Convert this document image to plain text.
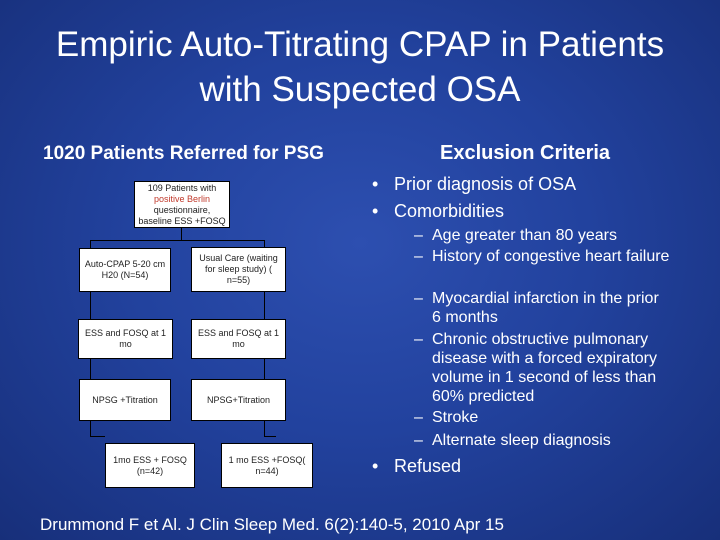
Empiric Auto-Titrating CPAP in Patients
with Suspected OSA
1020 Patients Referred for PSG
109 Patients with
positive Berlin
questionnaire,
baseline ESS +FOSQ
Auto-CPAP 5-20 cm H20 (N=54)
Usual Care (waiting for sleep study) ( n=55)
ESS and FOSQ at 1 mo
ESS and FOSQ at 1 mo
NPSG +Titration	NPSG+Titration
1mo ESS + FOSQ (n=42)
1 mo ESS +FOSQ( n=44)
Exclusion Criteria
• Prior diagnosis of OSA
• Comorbidities
– Age greater than 80 years
– History of congestive heart failure
– Myocardial infarction in the prior 6 months
– Chronic obstructive pulmonary disease with a forced expiratory volume in 1 second of less than 60% predicted
– Stroke
– Alternate sleep diagnosis
• Refused
Drummond F et Al. J Clin Sleep Med. 6(2):140-5, 2010 Apr 15
